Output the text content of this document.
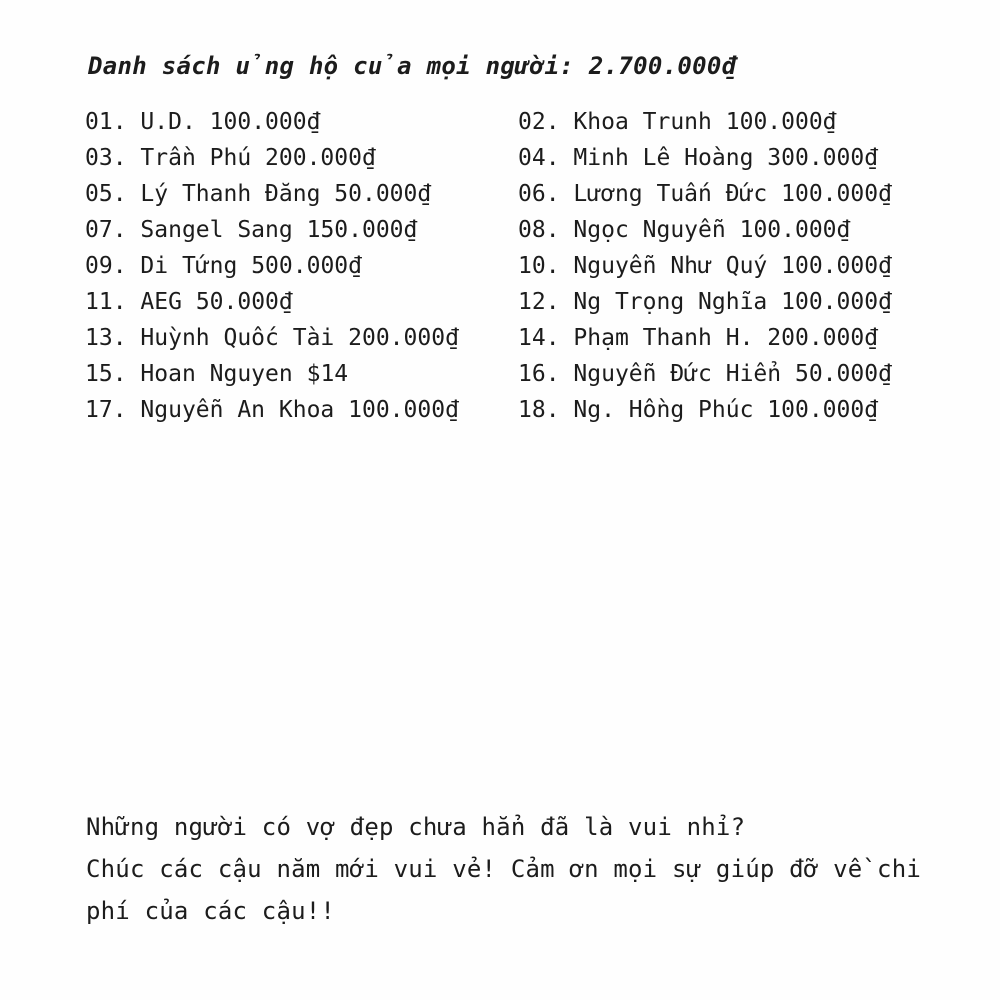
Danh sách ủng hộ của mọi người: 2.700.000₫
01. U.D. 100.000₫
03. Trần Phú 200.000₫
05. Lý Thanh Đăng 50.000₫
07. Sangel Sang 150.000₫
09. Di Tứng 500.000₫
11. AEG 50.000₫
13. Huỳnh Quốc Tài 200.000₫
15. Hoan Nguyen $14
17. Nguyễn An Khoa 100.000₫
02. Khoa Trunh 100.000₫
04. Minh Lê Hoàng 300.000₫
06. Lương Tuấn Đức 100.000₫
08. Ngọc Nguyễn 100.000₫
10. Nguyễn Như Quý 100.000₫
12. Ng Trọng Nghĩa 100.000₫
14. Phạm Thanh H. 200.000₫
16. Nguyễn Đức Hiển 50.000₫
18. Ng. Hồng Phúc 100.000₫
Những người có vợ đẹp chưa hẳn đã là vui nhỉ?
Chúc các cậu năm mới vui vẻ! Cảm ơn mọi sự giúp đỡ về chi
phí của các cậu!!
